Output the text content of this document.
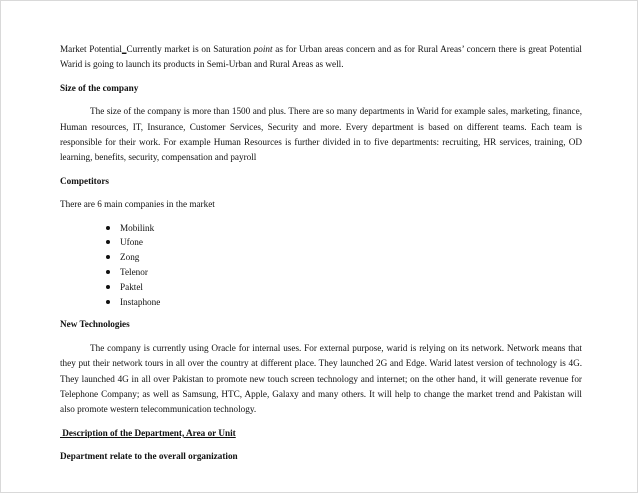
Market Potential_Currently market is on Saturation point as for Urban areas concern and as for Rural Areas’ concern there is great Potential Warid is going to launch its products in Semi-Urban and Rural Areas as well.

Size of the company

The size of the company is more than 1500 and plus. There are so many departments in Warid for example sales, marketing, finance, Human resources, IT, Insurance, Customer Services, Security and more. Every department is based on different teams. Each team is responsible for their work. For example Human Resources is further divided in to five departments: recruiting, HR services, training, OD learning, benefits, security, compensation and payroll

Competitors

There are 6 main companies in the market

Mobilink
Ufone
Zong
Telenor
Paktel
Instaphone

New Technologies

The company is currently using Oracle for internal uses. For external purpose, warid is relying on its network. Network means that they put their network tours in all over the country at different place. They launched 2G and Edge. Warid latest version of technology is 4G. They launched 4G in all over Pakistan to promote new touch screen technology and internet; on the other hand, it will generate revenue for Telephone Company; as well as Samsung, HTC, Apple, Galaxy and many others. It will help to change the market trend and Pakistan will also promote western telecommunication technology.

Description of the Department, Area or Unit

Department relate to the overall organization
